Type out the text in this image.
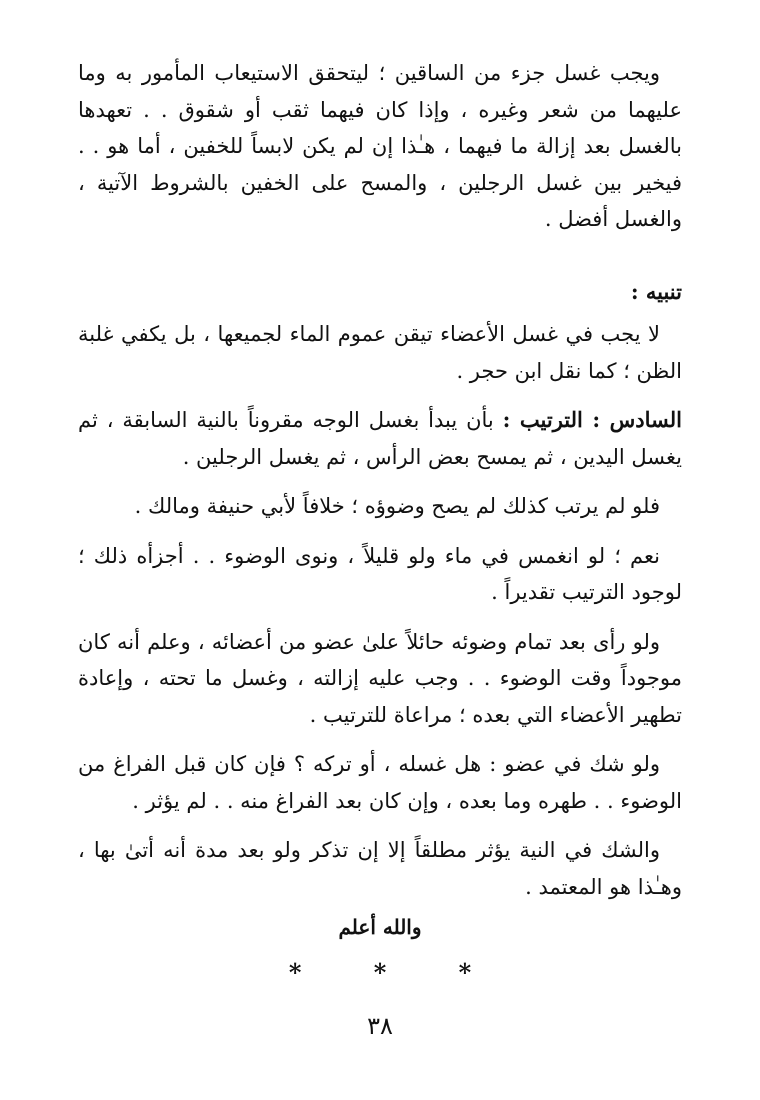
ويجب غسل جزء من الساقين ؛ ليتحقق الاستيعاب المأمور به وما عليهما من شعر وغيره ، وإذا كان فيهما ثقب أو شقوق . . تعهدها بالغسل بعد إزالة ما فيهما ، هـٰذا إن لم يكن لابساً للخفين ، أما هو . . فيخير بين غسل الرجلين ، والمسح على الخفين بالشروط الآتية ، والغسل أفضل .

تنبيه :

لا يجب في غسل الأعضاء تيقن عموم الماء لجميعها ، بل يكفي غلبة الظن ؛ كما نقل ابن حجر .

السادس : الترتيب : بأن يبدأ بغسل الوجه مقروناً بالنية السابقة ، ثم يغسل اليدين ، ثم يمسح بعض الرأس ، ثم يغسل الرجلين .

فلو لم يرتب كذلك لم يصح وضوؤه ؛ خلافاً لأبي حنيفة ومالك .

نعم ؛ لو انغمس في ماء ولو قليلاً ، ونوى الوضوء . . أجزأه ذلك ؛ لوجود الترتيب تقديراً .

ولو رأى بعد تمام وضوئه حائلاً علىٰ عضو من أعضائه ، وعلم أنه كان موجوداً وقت الوضوء . . وجب عليه إزالته ، وغسل ما تحته ، وإعادة تطهير الأعضاء التي بعده ؛ مراعاة للترتيب .

ولو شك في عضو : هل غسله ، أو تركه ؟ فإن كان قبل الفراغ من الوضوء . . طهره وما بعده ، وإن كان بعد الفراغ منه . . لم يؤثر .

والشك في النية يؤثر مطلقاً إلا إن تذكر ولو بعد مدة أنه أتىٰ بها ، وهـٰذا هو المعتمد .

والله أعلم
* * *
٣٨
